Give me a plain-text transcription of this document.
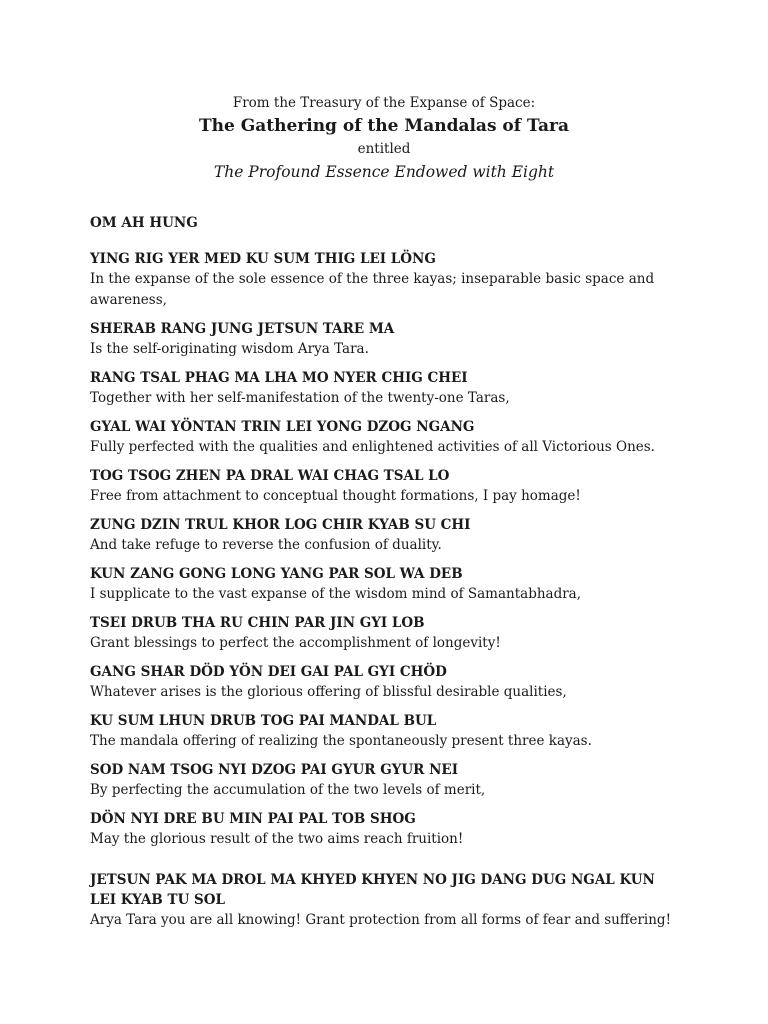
From the Treasury of the Expanse of Space:
The Gathering of the Mandalas of Tara
entitled
The Profound Essence Endowed with Eight
OM AH HUNG
YING RIG YER MED KU SUM THIG LEI LÖNG
In the expanse of the sole essence of the three kayas; inseparable basic space and awareness,
SHERAB RANG JUNG JETSUN TARE MA
Is the self-originating wisdom Arya Tara.
RANG TSAL PHAG MA LHA MO NYER CHIG CHEI
Together with her self-manifestation of the twenty-one Taras,
GYAL WAI YÖNTAN TRIN LEI YONG DZOG NGANG
Fully perfected with the qualities and enlightened activities of all Victorious Ones.
TOG TSOG ZHEN PA DRAL WAI CHAG TSAL LO
Free from attachment to conceptual thought formations, I pay homage!
ZUNG DZIN TRUL KHOR LOG CHIR KYAB SU CHI
And take refuge to reverse the confusion of duality.
KUN ZANG GONG LONG YANG PAR SOL WA DEB
I supplicate to the vast expanse of the wisdom mind of Samantabhadra,
TSEI DRUB THA RU CHIN PAR JIN GYI LOB
Grant blessings to perfect the accomplishment of longevity!
GANG SHAR DÖD YÖN DEI GAI PAL GYI CHÖD
Whatever arises is the glorious offering of blissful desirable qualities,
KU SUM LHUN DRUB TOG PAI MANDAL BUL
The mandala offering of realizing the spontaneously present three kayas.
SOD NAM TSOG NYI DZOG PAI GYUR GYUR NEI
By perfecting the accumulation of the two levels of merit,
DÖN NYI DRE BU MIN PAI PAL TOB SHOG
May the glorious result of the two aims reach fruition!
JETSUN PAK MA DROL MA KHYED KHYEN NO JIG DANG DUG NGAL KUN LEI KYAB TU SOL
Arya Tara you are all knowing! Grant protection from all forms of fear and suffering!
